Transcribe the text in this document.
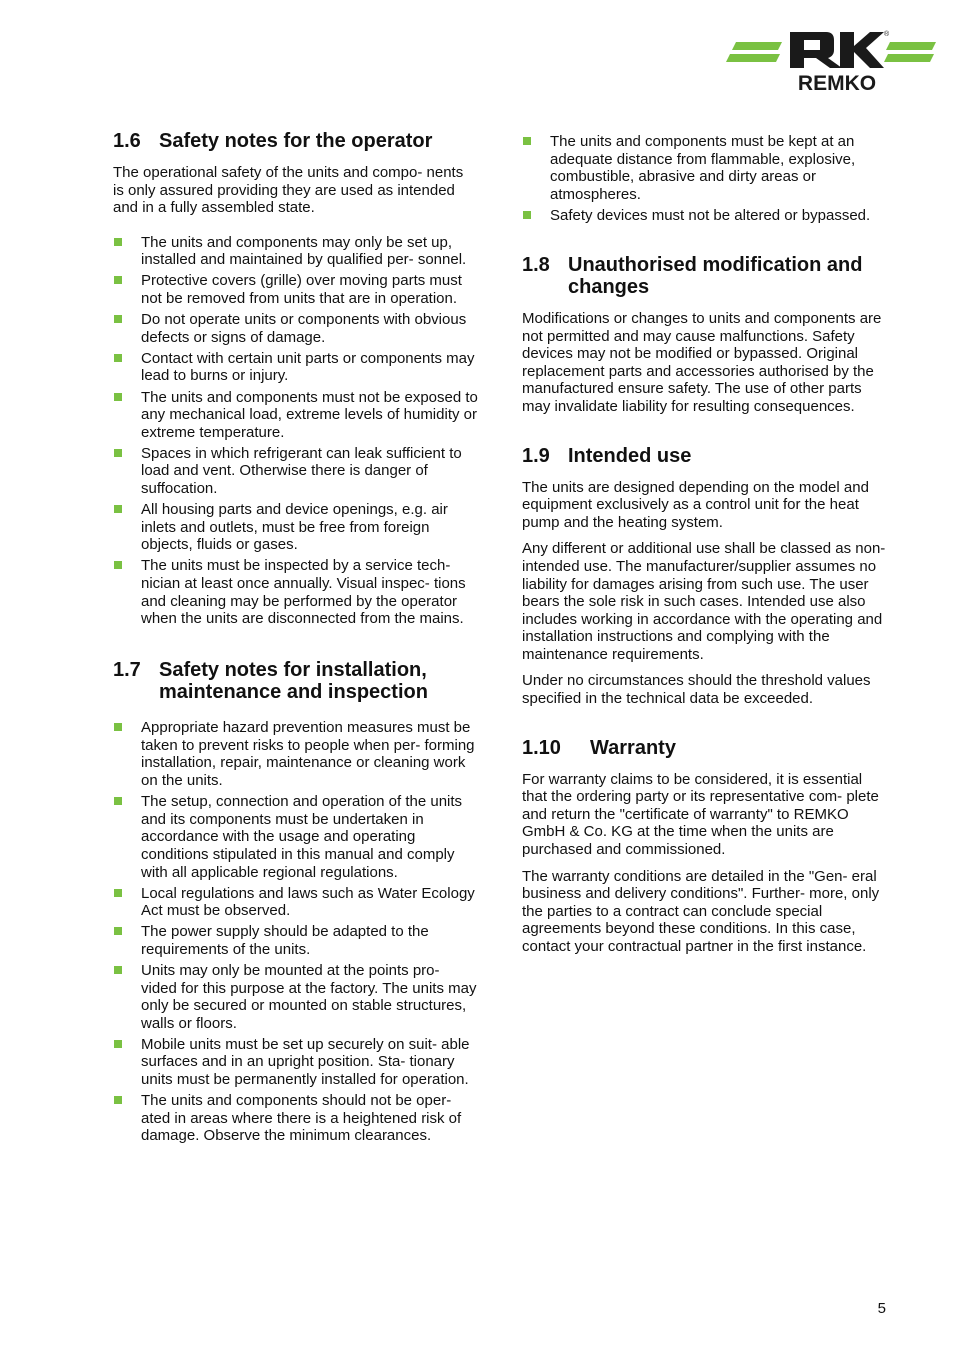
REMKO
®
1.6 Safety notes for the operator

The operational safety of the units and compo- nents is only assured providing they are used as intended and in a fully assembled state.

The units and components may only be set up, installed and maintained by qualified per- sonnel.
Protective covers (grille) over moving parts must not be removed from units that are in operation.
Do not operate units or components with obvious defects or signs of damage.
Contact with certain unit parts or components may lead to burns or injury.
The units and components must not be exposed to any mechanical load, extreme levels of humidity or extreme temperature.
Spaces in which refrigerant can leak sufficient to load and vent. Otherwise there is danger of suffocation.
All housing parts and device openings, e.g. air inlets and outlets, must be free from foreign objects, fluids or gases.
The units must be inspected by a service tech- nician at least once annually. Visual inspec- tions and cleaning may be performed by the operator when the units are disconnected from the mains.
1.7 Safety notes for installation, maintenance and inspection
Appropriate hazard prevention measures must be taken to prevent risks to people when per- forming installation, repair, maintenance or cleaning work on the units.
The setup, connection and operation of the units and its components must be undertaken in accordance with the usage and operating conditions stipulated in this manual and comply with all applicable regional regulations.
Local regulations and laws such as Water Ecology Act must be observed.
The power supply should be adapted to the requirements of the units.
Units may only be mounted at the points pro- vided for this purpose at the factory. The units may only be secured or mounted on stable structures, walls or floors.
Mobile units must be set up securely on suit- able surfaces and in an upright position. Sta- tionary units must be permanently installed for operation.
The units and components should not be oper- ated in areas where there is a heightened risk of damage. Observe the minimum clearances.
The units and components must be kept at an adequate distance from flammable, explosive, combustible, abrasive and dirty areas or atmospheres.
Safety devices must not be altered or bypassed.
1.8 Unauthorised modification and changes

Modifications or changes to units and components are not permitted and may cause malfunctions. Safety devices may not be modified or bypassed. Original replacement parts and accessories authorised by the manufactured ensure safety. The use of other parts may invalidate liability for resulting consequences.

1.9 Intended use

The units are designed depending on the model and equipment exclusively as a control unit for the heat pump and the heating system.

Any different or additional use shall be classed as non-intended use. The manufacturer/supplier assumes no liability for damages arising from such use. The user bears the sole risk in such cases. Intended use also includes working in accordance with the operating and installation instructions and complying with the maintenance requirements.

Under no circumstances should the threshold values specified in the technical data be exceeded.

1.10	Warranty

For warranty claims to be considered, it is essential that the ordering party or its representative com- plete and return the "certificate of warranty" to REMKO GmbH & Co. KG at the time when the units are purchased and commissioned.

The warranty conditions are detailed in the "Gen- eral business and delivery conditions". Further- more, only the parties to a contract can conclude special agreements beyond these conditions. In this case, contact your contractual partner in the first instance.

5
